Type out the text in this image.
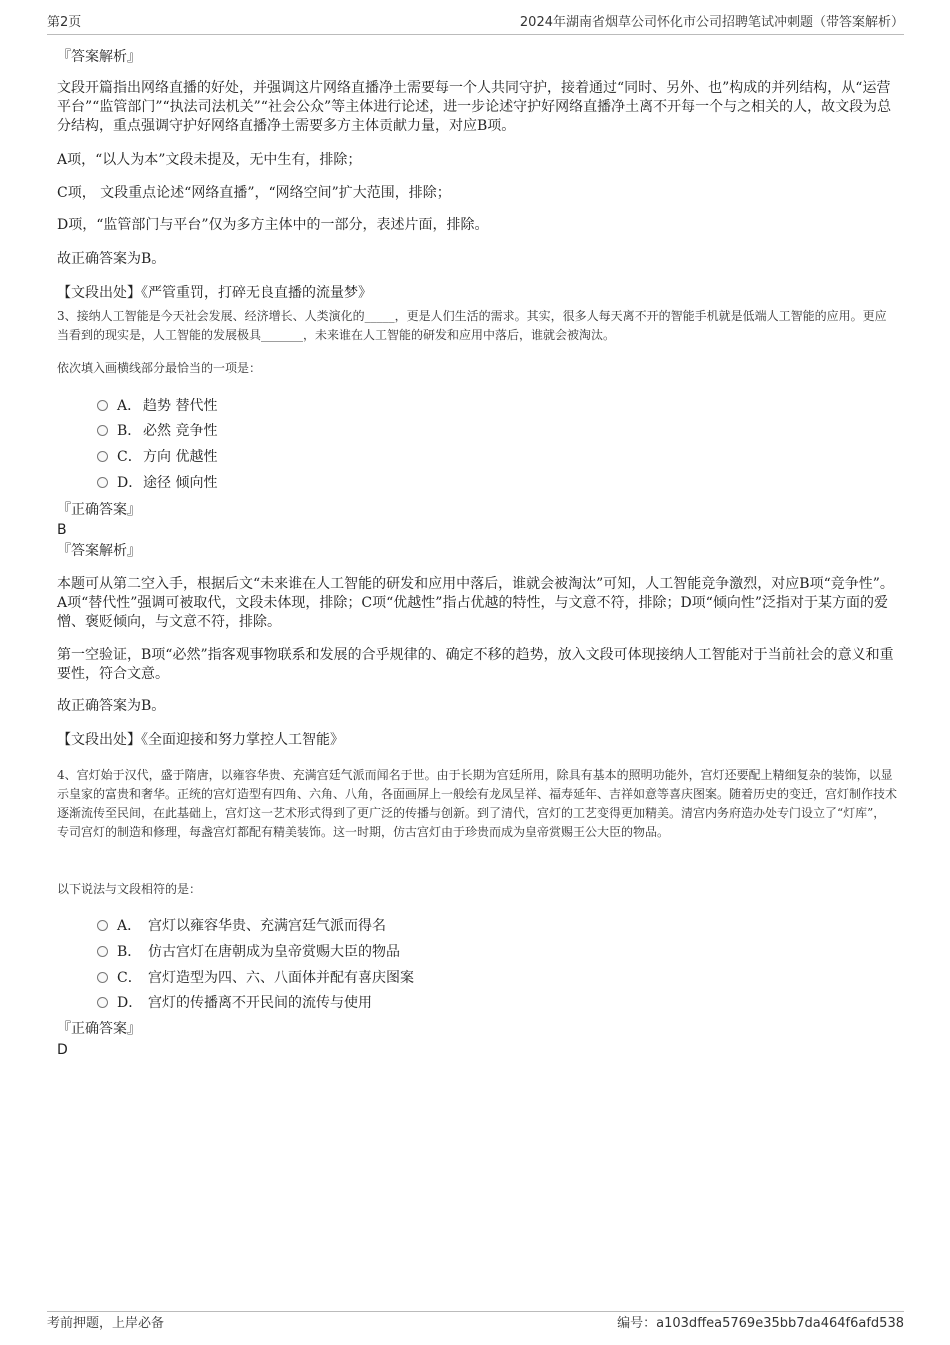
第2页	2024年湖南省烟草公司怀化市公司招聘笔试冲刺题（带答案解析）
『答案解析』
文段开篇指出网络直播的好处，并强调这片网络直播净土需要每一个人共同守护，接着通过“同时、另外、也”构成的并列结构，从“运营平台”“监管部门”“执法司法机关”“社会公众”等主体进行论述，进一步论述守护好网络直播净土离不开每一个与之相关的人，故文段为总分结构，重点强调守护好网络直播净土需要多方主体贡献力量，对应B项。
A项，“以人为本”文段未提及，无中生有，排除；
C项， 文段重点论述“网络直播”，“网络空间”扩大范围，排除；
D项，“监管部门与平台”仅为多方主体中的一部分，表述片面，排除。
故正确答案为B。
【文段出处】《严管重罚，打碎无良直播的流量梦》
3、接纳人工智能是今天社会发展、经济增长、人类演化的_____，更是人们生活的需求。其实，很多人每天离不开的智能手机就是低端人工智能的应用。更应当看到的现实是，人工智能的发展极具_______，未来谁在人工智能的研发和应用中落后，谁就会被淘汰。
依次填入画横线部分最恰当的一项是：
A． 趋势 替代性
B． 必然 竞争性
C．方向 优越性
D．途径 倾向性
『正确答案』
B
『答案解析』
本题可从第二空入手，根据后文“未来谁在人工智能的研发和应用中落后，谁就会被淘汰”可知，人工智能竞争激烈，对应B项“竞争性”。A项“替代性”强调可被取代，文段未体现，排除；C项“优越性”指占优越的特性，与文意不符，排除；D项“倾向性”泛指对于某方面的爱憎、褒贬倾向，与文意不符，排除。
第一空验证，B项“必然”指客观事物联系和发展的合乎规律的、确定不移的趋势，放入文段可体现接纳人工智能对于当前社会的意义和重要性，符合文意。
故正确答案为B。
【文段出处】《全面迎接和努力掌控人工智能》
4、宫灯始于汉代，盛于隋唐，以雍容华贵、充满宫廷气派而闻名于世。由于长期为宫廷所用，除具有基本的照明功能外，宫灯还要配上精细复杂的装饰，以显示皇家的富贵和奢华。正统的宫灯造型有四角、六角、八角，各面画屏上一般绘有龙凤呈祥、福寿延年、吉祥如意等喜庆图案。随着历史的变迁，宫灯制作技术逐渐流传至民间，在此基础上，宫灯这一艺术形式得到了更广泛的传播与创新。到了清代，宫灯的工艺变得更加精美。清宫内务府造办处专门设立了“灯库”，专司宫灯的制造和修理，每盏宫灯都配有精美装饰。这一时期，仿古宫灯由于珍贵而成为皇帝赏赐王公大臣的物品。
以下说法与文段相符的是：
A． 宫灯以雍容华贵、充满宫廷气派而得名
B． 仿古宫灯在唐朝成为皇帝赏赐大臣的物品
C． 宫灯造型为四、六、八面体并配有喜庆图案
D． 宫灯的传播离不开民间的流传与使用
『正确答案』
D
考前押题，上岸必备	编号：a103dffea5769e35bb7da464f6afd538
